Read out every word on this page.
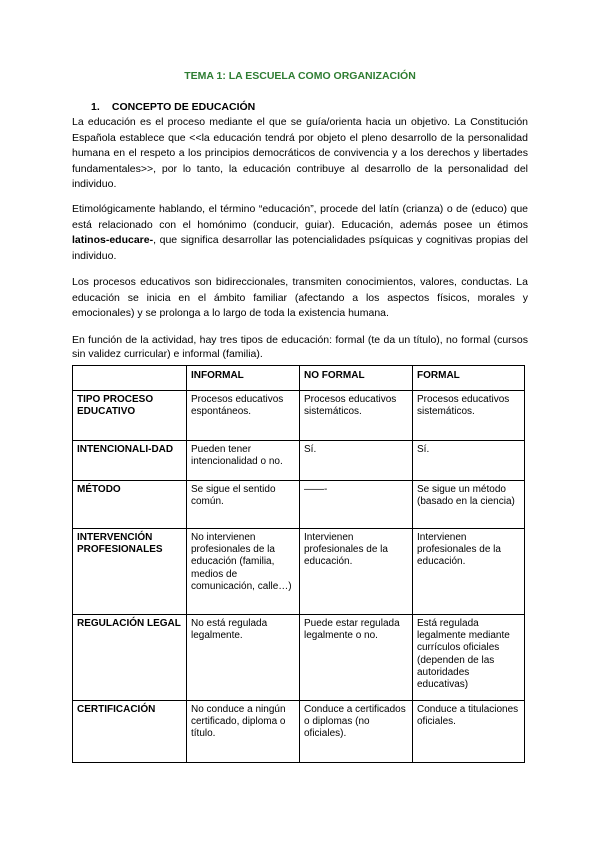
TEMA 1: LA ESCUELA COMO ORGANIZACIÓN
1. CONCEPTO DE EDUCACIÓN

La educación es el proceso mediante el que se guía/orienta hacia un objetivo. La Constitución Española establece que <<la educación tendrá por objeto el pleno desarrollo de la personalidad humana en el respeto a los principios democráticos de convivencia y a los derechos y libertades fundamentales>>, por lo tanto, la educación contribuye al desarrollo de la personalidad del individuo.

Etimológicamente hablando, el término “educación”, procede del latín (crianza) o de (educo) que está relacionado con el homónimo (conducir, guiar). Educación, además posee un étimos latinos-educare-, que significa desarrollar las potencialidades psíquicas y cognitivas propias del individuo.

Los procesos educativos son bidireccionales, transmiten conocimientos, valores, conductas. La educación se inicia en el ámbito familiar (afectando a los aspectos físicos, morales y emocionales) y se prolonga a lo largo de toda la existencia humana.

En función de la actividad, hay tres tipos de educación: formal (te da un título), no formal (cursos sin validez curricular) e informal (familia).

	INFORMAL	NO FORMAL	FORMAL
TIPO PROCESO EDUCATIVO	Procesos educativos espontáneos.	Procesos educativos sistemáticos.	Procesos educativos sistemáticos.
INTENCIONALI-DAD	Pueden tener intencionalidad o no.	Sí.	Sí.
MÉTODO	Se sigue el sentido común.	——-	Se sigue un método (basado en la ciencia)
INTERVENCIÓN PROFESIONALES	No intervienen profesionales de la educación (familia, medios de comunicación, calle…)	Intervienen profesionales de la educación.	Intervienen profesionales de la educación.
REGULACIÓN LEGAL	No está regulada legalmente.	Puede estar regulada legalmente o no.	Está regulada legalmente mediante currículos oficiales (dependen de las autoridades educativas)
CERTIFICACIÓN	No conduce a ningún certificado, diploma o título.	Conduce a certificados o diplomas (no oficiales).	Conduce a titulaciones oficiales.
